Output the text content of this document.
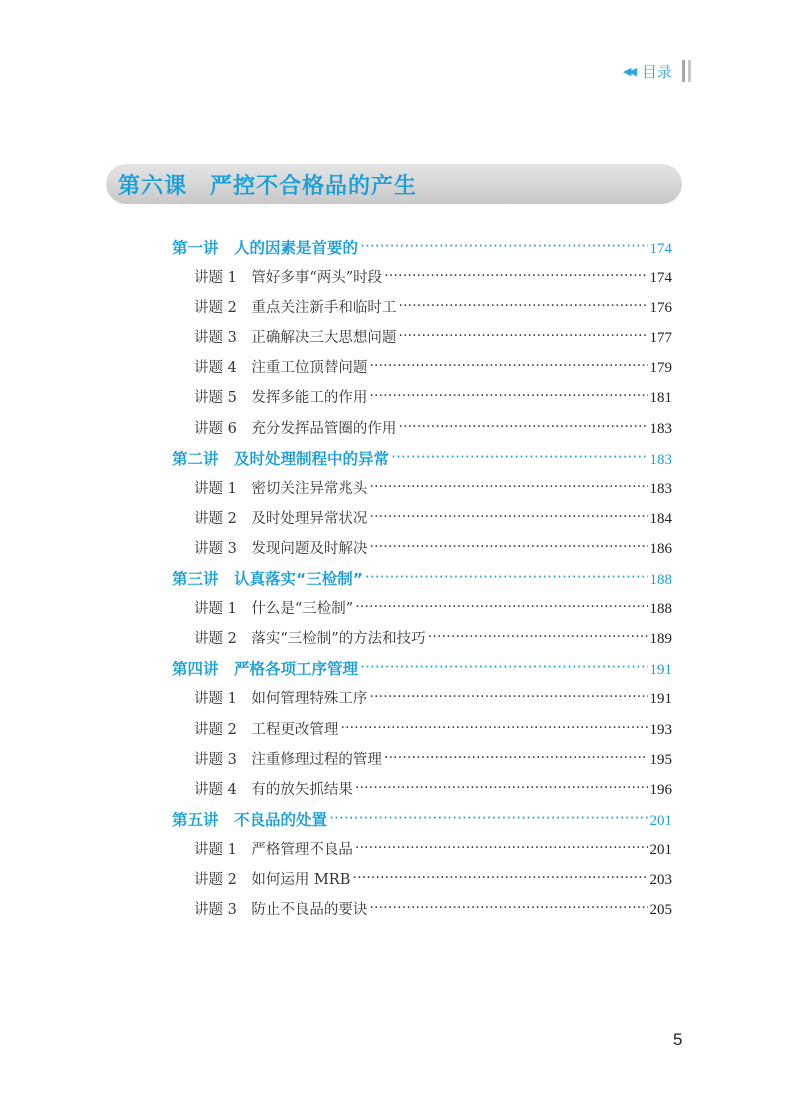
◀◀ 目录
第六课　严控不合格品的产生
第一讲　人的因素是首要的 ·····	174
讲题 1　管好多事“两头”时段 ·····	174
讲题 2　重点关注新手和临时工 ·····	176
讲题 3　正确解决三大思想问题 ·····	177
讲题 4　注重工位顶替问题 ·····	179
讲题 5　发挥多能工的作用 ·····	181
讲题 6　充分发挥品管圈的作用 ·····	183
第二讲　及时处理制程中的异常 ·····	183
讲题 1　密切关注异常兆头 ·····	183
讲题 2　及时处理异常状况 ·····	184
讲题 3　发现问题及时解决 ·····	186
第三讲　认真落实“三检制” ·····	188
讲题 1　什么是“三检制” ·····	188
讲题 2　落实“三检制”的方法和技巧 ·····	189
第四讲　严格各项工序管理 ·····	191
讲题 1　如何管理特殊工序 ·····	191
讲题 2　工程更改管理 ·····	193
讲题 3　注重修理过程的管理 ·····	195
讲题 4　有的放矢抓结果 ·····	196
第五讲　不良品的处置 ·····	201
讲题 1　严格管理不良品 ·····	201
讲题 2　如何运用 MRB ·····	203
讲题 3　防止不良品的要诀 ·····	205
5
